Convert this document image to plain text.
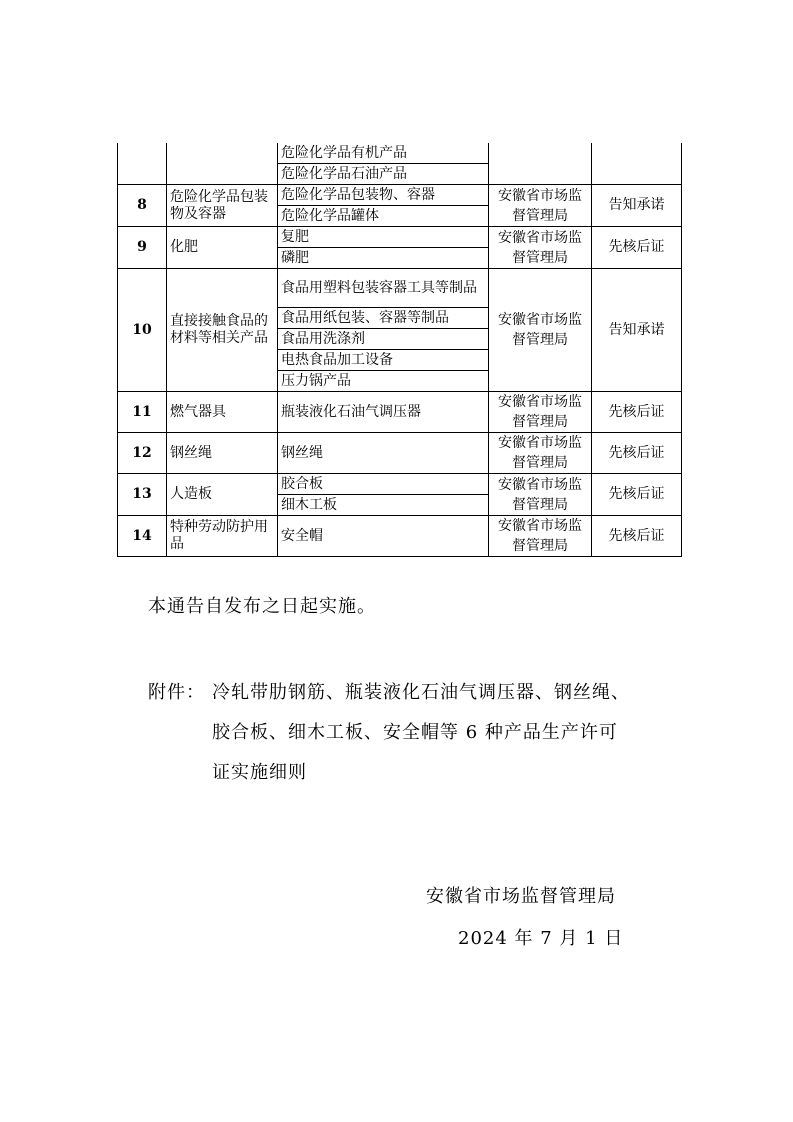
		危险化学品有机产品		
		危险化学品石油产品		
8	危险化学品包装物及容器	危险化学品包装物、容器	安徽省市场监督管理局	告知承诺
		危险化学品罐体		
9	化肥	复肥	安徽省市场监督管理局	先核后证
		磷肥		
10	直接接触食品的材料等相关产品	食品用塑料包装容器工具等制品	安徽省市场监督管理局	告知承诺
		食品用纸包装、容器等制品		
		食品用洗涤剂		
		电热食品加工设备		
		压力锅产品		
11	燃气器具	瓶装液化石油气调压器	安徽省市场监督管理局	先核后证
12	钢丝绳	钢丝绳	安徽省市场监督管理局	先核后证
13	人造板	胶合板	安徽省市场监督管理局	先核后证
		细木工板		
14	特种劳动防护用品	安全帽	安徽省市场监督管理局	先核后证
本通告自发布之日起实施。
附件： 冷轧带肋钢筋、瓶装液化石油气调压器、钢丝绳、
胶合板、细木工板、安全帽等 6 种产品生产许可
证实施细则
安徽省市场监督管理局
2024 年 7 月 1 日
